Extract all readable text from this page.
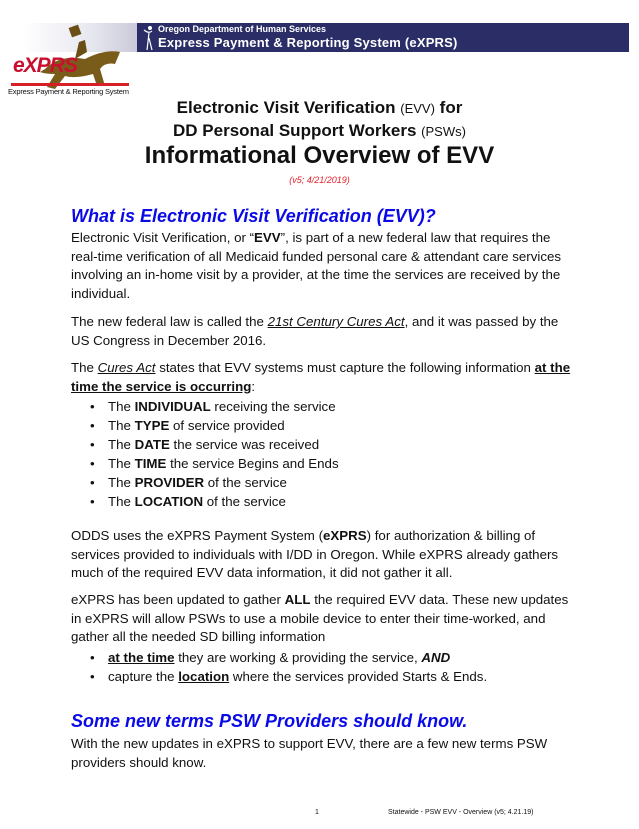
Oregon Department of Human Services
Express Payment & Reporting System (eXPRS)
eXPRS
Express Payment & Reporting System
Electronic Visit Verification (EVV) for
DD Personal Support Workers (PSWs)
Informational Overview of EVV
(v5; 4/21/2019)
What is Electronic Visit Verification (EVV)?
Electronic Visit Verification, or “EVV”, is part of a new federal law that requires the real-time verification of all Medicaid funded personal care & attendant care services involving an in-home visit by a provider, at the time the services are received by the individual.
The new federal law is called the 21st Century Cures Act, and it was passed by the US Congress in December 2016.
The Cures Act states that EVV systems must capture the following information at the time the service is occurring:
• The INDIVIDUAL receiving the service
• The TYPE of service provided
• The DATE the service was received
• The TIME the service Begins and Ends
• The PROVIDER of the service
• The LOCATION of the service
ODDS uses the eXPRS Payment System (eXPRS) for authorization & billing of services provided to individuals with I/DD in Oregon. While eXPRS already gathers much of the required EVV data information, it did not gather it all.
eXPRS has been updated to gather ALL the required EVV data. These new updates in eXPRS will allow PSWs to use a mobile device to enter their time-worked, and gather all the needed SD billing information
• at the time they are working & providing the service, AND
• capture the location where the services provided Starts & Ends.
Some new terms PSW Providers should know.
With the new updates in eXPRS to support EVV, there are a few new terms PSW providers should know.
1	Statewide - PSW EVV - Overview (v5; 4.21.19)
